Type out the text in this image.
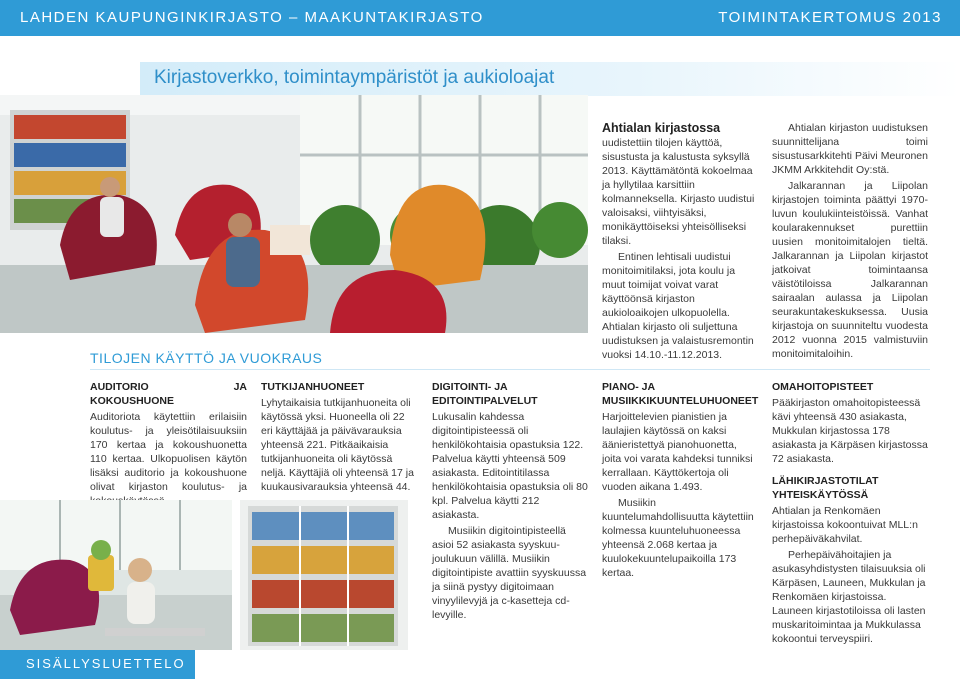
LAHDEN KAUPUNGINKIRJASTO – MAAKUNTAKIRJASTO	TOIMINTAKERTOMUS 2013
Kirjastoverkko, toimintaympäristöt ja aukioloajat

Ahtialan kirjastossa uudistettiin tilojen käyttöä, sisustusta ja kalustusta syksyllä 2013. Käyttämätöntä kokoelmaa ja hyllytilaa karsittiin kolmanneksella. Kirjasto uudistui valoisaksi, viihtyisäksi, monikäyttöiseksi yhteisölliseksi tilaksi.

Entinen lehtisali uudistui monitoimitilaksi, jota koulu ja muut toimijat voivat varat käyttöönsä kirjaston aukioloaikojen ulkopuolella. Ahtialan kirjasto oli suljettuna uudistuksen ja valaistusremontin vuoksi 14.10.-11.12.2013.

Ahtialan kirjaston uudistuksen suunnittelijana toimi sisustusarkkitehti Päivi Meuronen JKMM Arkkitehdit Oy:stä.

Jalkarannan ja Liipolan kirjastojen toiminta päättyi 1970-luvun koulukiinteistöissä. Vanhat koularakennukset purettiin uusien monitoimitalojen tieltä. Jalkarannan ja Liipolan kirjastot jatkoivat toimintaansa väistötiloissa Jalkarannan sairaalan aulassa ja Liipolan seurakuntakeskuksessa. Uusia kirjastoja on suunniteltu vuodesta 2012 vuonna 2015 valmistuviin monitoimitaloihin.

TILOJEN KÄYTTÖ JA VUOKRAUS

AUDITORIO JA KOKOUSHUONE

Auditoriota käytettiin erilaisiin koulutus- ja yleisötilaisuuksiin 170 kertaa ja kokoushuonetta 110 kertaa. Ulkopuolisen käytön lisäksi auditorio ja kokoushuone olivat kirjaston koulutus- ja

TUTKIJANHUONEET

Lyhytaikaisia tutkijanhuoneita oli käytössä yksi. Huoneella oli 22 eri käyttäjää ja päivävarauksia yhteensä 221. Pitkäaikaisia tutkijanhuoneita oli käytössä neljä. Käyttäjiä oli yhteensä 17 ja kuukausivarauksia yhteensä 44.

DIGITOINTI- JA EDITOINTIPALVELUT

Lukusalin kahdessa digitointipisteessä oli henkilökohtaisia opastuksia 122. Palvelua käytti yhteensä 509 asiakasta. Editointitilassa henkilökohtaisia opastuksia oli 80 kpl. Palvelua käytti 212 asiakasta.

Musiikin digitointipisteellä asioi 52 asiakasta syyskuu-joulukuun välillä. Musiikin digitointipiste avattiin syyskuussa ja siinä pystyy digitoimaan vinyylilevyjä ja c-kasetteja cd-levyille.

PIANO- JA MUSIIKKIKUUNTELUHUONEET

Harjoittelevien pianistien ja laulajien käytössä on kaksi äänieristettyä pianohuonetta, joita voi varata kahdeksi tunniksi kerrallaan. Käyttökertoja oli vuoden aikana 1.493.

Musiikin kuuntelumahdollisuutta käytettiin kolmessa kuunteluhuoneessa yhteensä 2.068 kertaa ja kuulokekuuntelupaikoilla 173 kertaa.

OMAHOITOPISTEET

Pääkirjaston omahoitopisteessä kävi yhteensä 430 asiakasta, Mukkulan kirjastossa 178 asiakasta ja Kärpäsen kirjastossa 72 asiakasta.

LÄHIKIRJASTOTILAT YHTEISKÄYTÖSSÄ

Ahtialan ja Renkomäen kirjastoissa kokoontuivat MLL:n perhepäiväkahvilat.

Perhepäivähoitajien ja asukasyhdistysten tilaisuuksia oli Kärpäsen, Launeen, Mukkulan ja Renkomäen kirjastoissa. Launeen kirjastotiloissa oli lasten muskaritoimintaa ja Mukkulassa kokoontui terveyspiiri.

SISÄLLYSLUETTELO
